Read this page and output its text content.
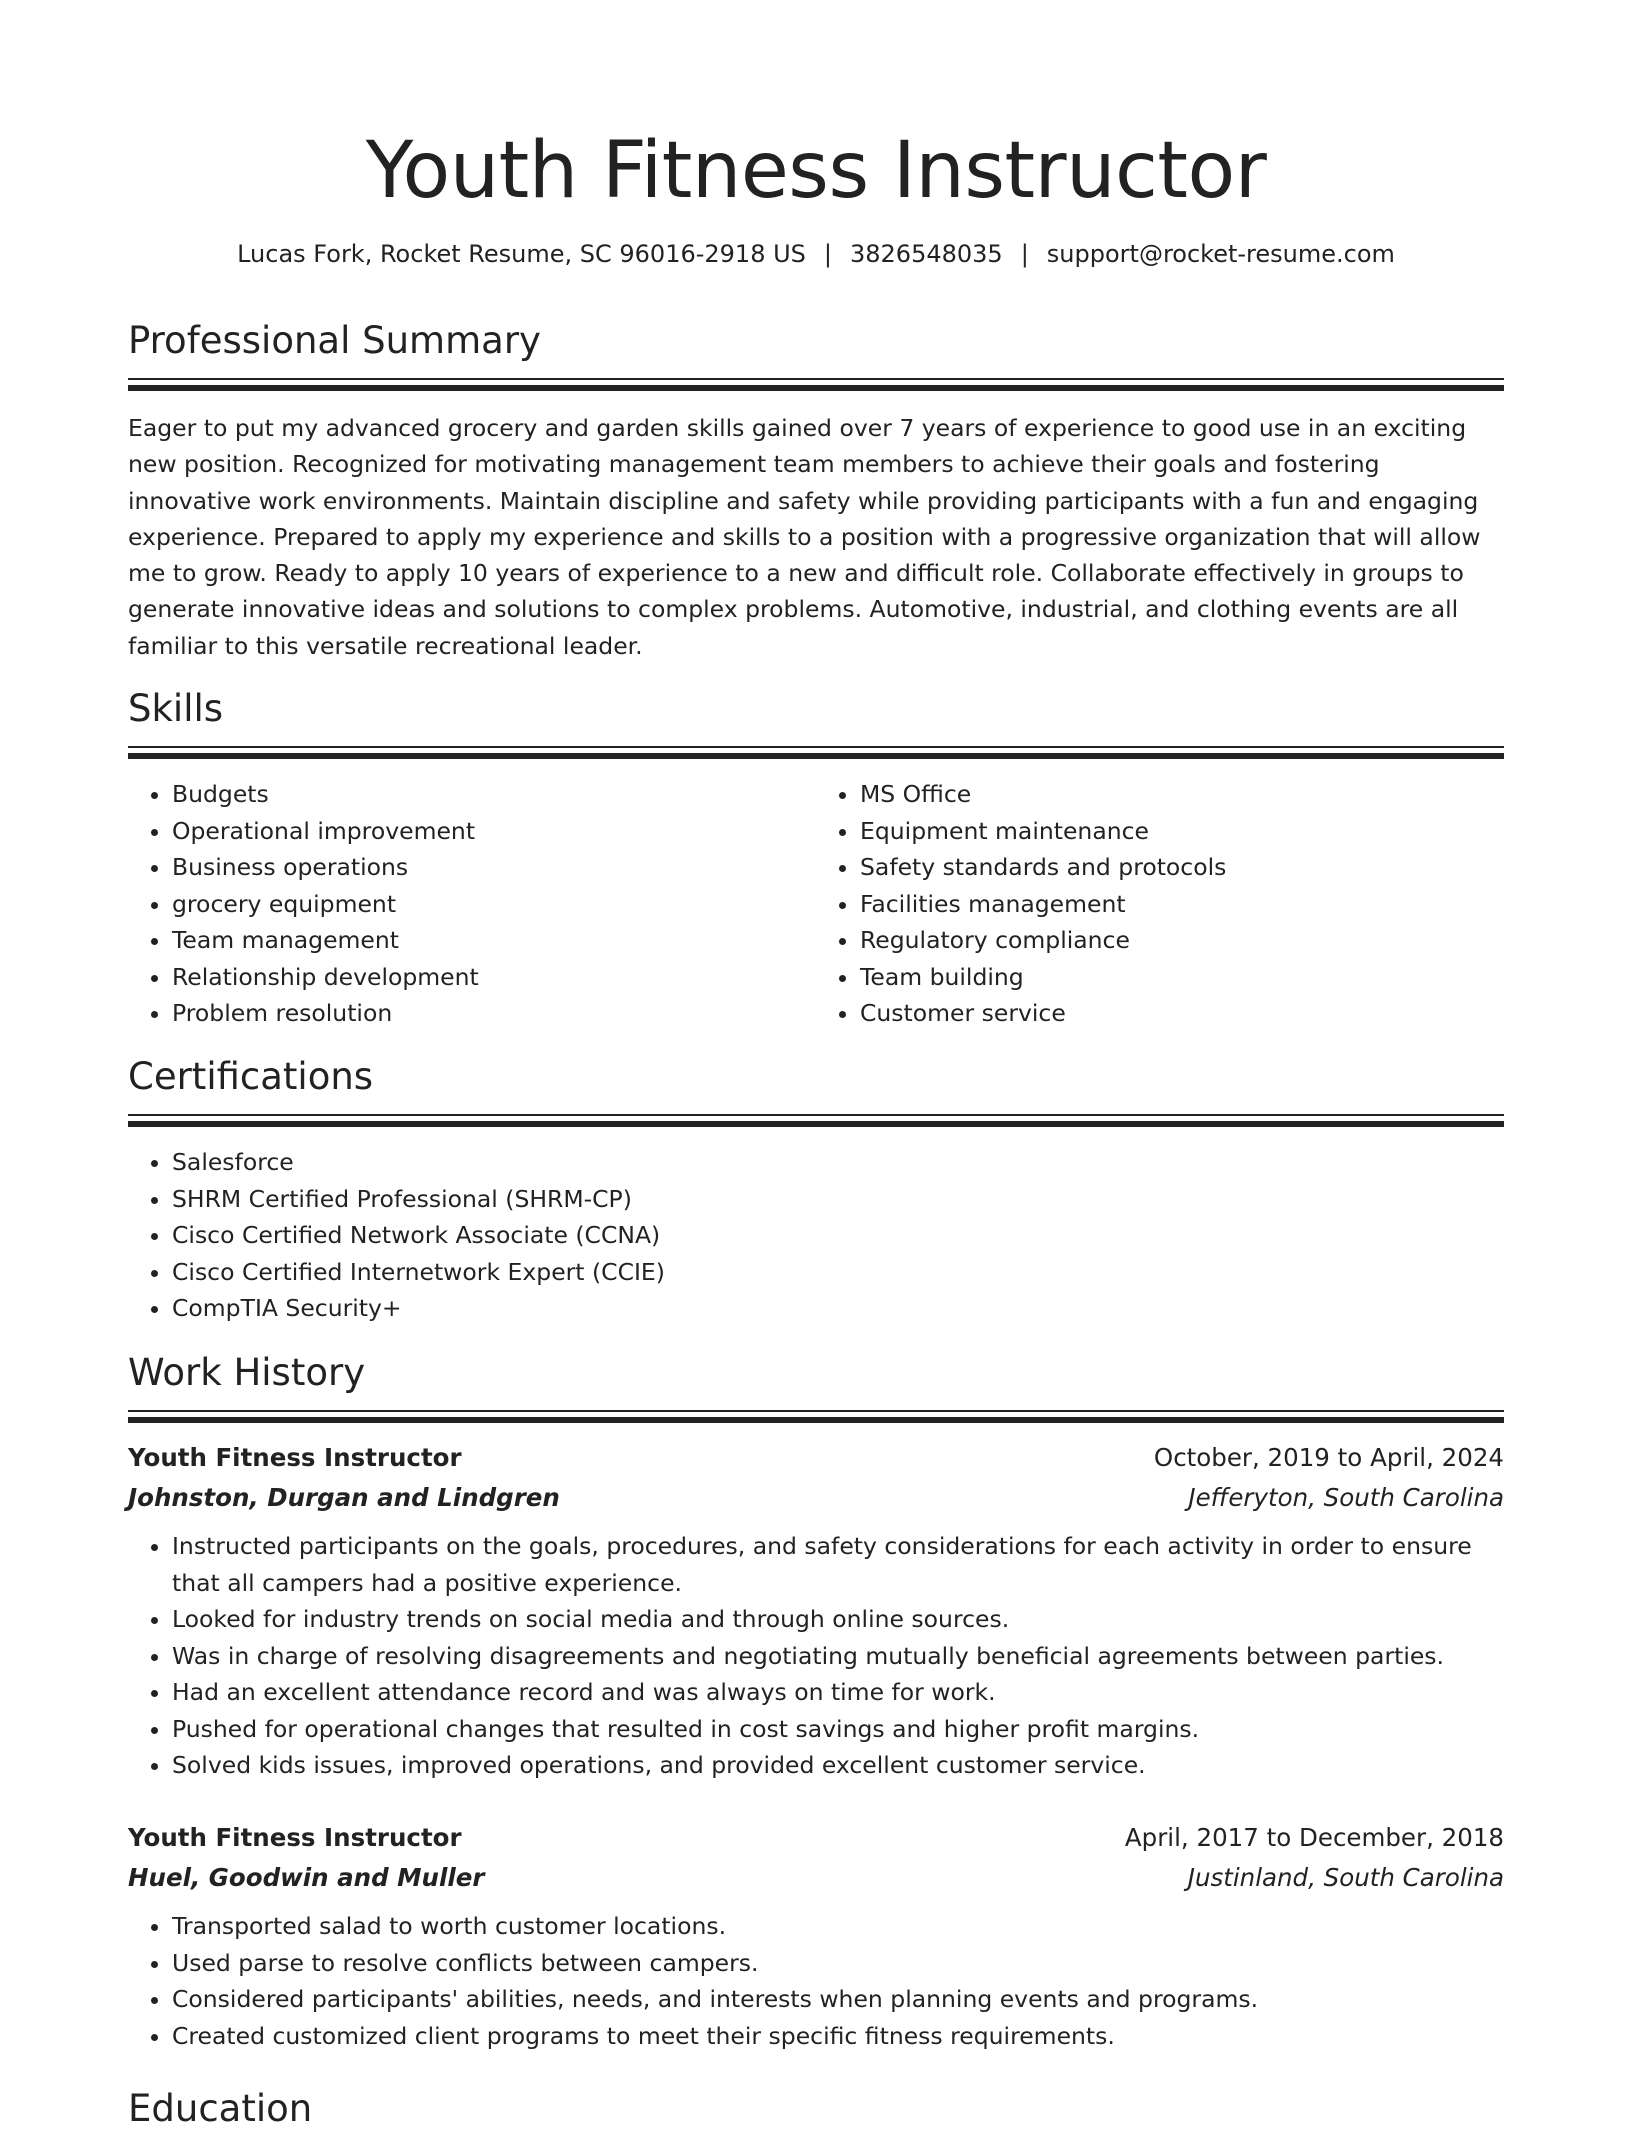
Youth Fitness Instructor
Lucas Fork, Rocket Resume, SC 96016-2918 US | 3826548035 | support@rocket-resume.com
Professional Summary
Eager to put my advanced grocery and garden skills gained over 7 years of experience to good use in an exciting new position. Recognized for motivating management team members to achieve their goals and fostering innovative work environments. Maintain discipline and safety while providing participants with a fun and engaging experience. Prepared to apply my experience and skills to a position with a progressive organization that will allow me to grow. Ready to apply 10 years of experience to a new and difficult role. Collaborate effectively in groups to generate innovative ideas and solutions to complex problems. Automotive, industrial, and clothing events are all familiar to this versatile recreational leader.
Skills
• Budgets
• Operational improvement
• Business operations
• grocery equipment
• Team management
• Relationship development
• Problem resolution
• MS Office
• Equipment maintenance
• Safety standards and protocols
• Facilities management
• Regulatory compliance
• Team building
• Customer service
Certifications
• Salesforce
• SHRM Certified Professional (SHRM-CP)
• Cisco Certified Network Associate (CCNA)
• Cisco Certified Internetwork Expert (CCIE)
• CompTIA Security+
Work History
Youth Fitness Instructor	October, 2019 to April, 2024
Johnston, Durgan and Lindgren	Jefferyton, South Carolina
• Instructed participants on the goals, procedures, and safety considerations for each activity in order to ensure that all campers had a positive experience.
• Looked for industry trends on social media and through online sources.
• Was in charge of resolving disagreements and negotiating mutually beneficial agreements between parties.
• Had an excellent attendance record and was always on time for work.
• Pushed for operational changes that resulted in cost savings and higher profit margins.
• Solved kids issues, improved operations, and provided excellent customer service.
Youth Fitness Instructor	April, 2017 to December, 2018
Huel, Goodwin and Muller	Justinland, South Carolina
• Transported salad to worth customer locations.
• Used parse to resolve conflicts between campers.
• Considered participants' abilities, needs, and interests when planning events and programs.
• Created customized client programs to meet their specific fitness requirements.
Education
